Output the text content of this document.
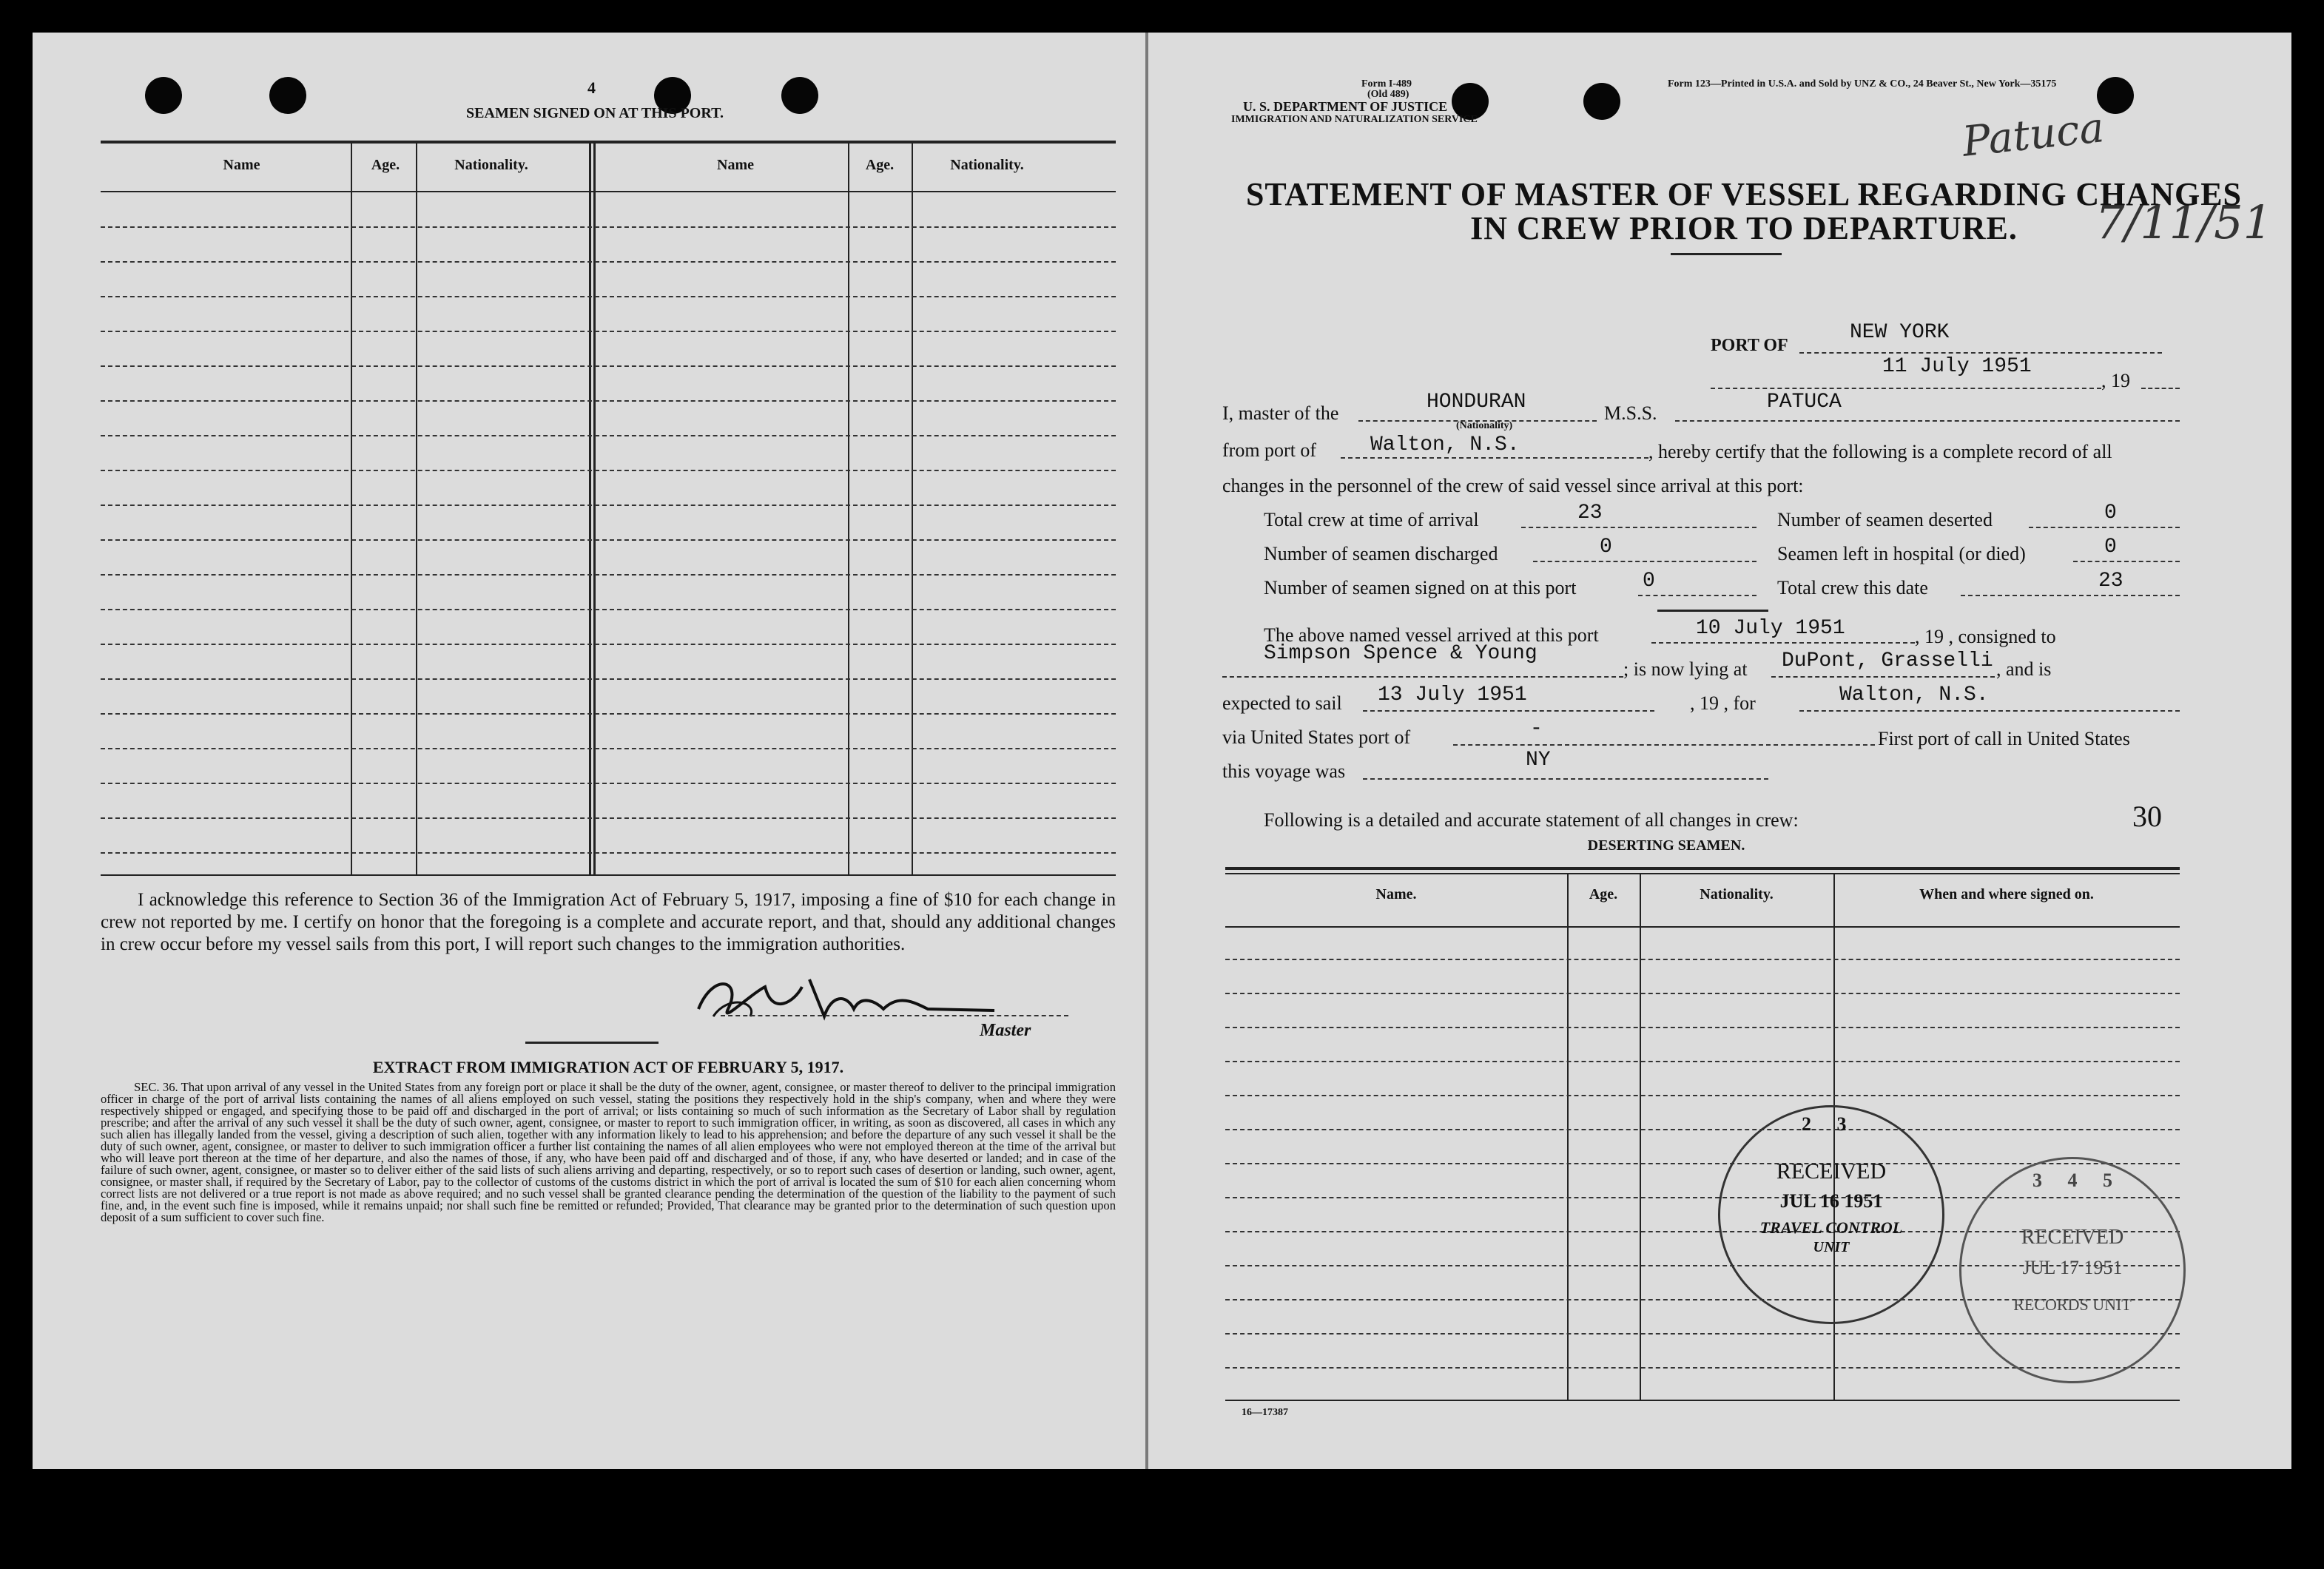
4
SEAMEN SIGNED ON AT THIS PORT.
Name	Age.	Nationality.	Name	Age.	Nationality.
I acknowledge this reference to Section 36 of the Immigration Act of February 5, 1917, imposing a fine of $10 for each change in crew not reported by me. I certify on honor that the foregoing is a complete and accurate report, and that, should any additional changes in crew occur before my vessel sails from this port, I will report such changes to the immigration authorities.
Master
EXTRACT FROM IMMIGRATION ACT OF FEBRUARY 5, 1917.
SEC. 36. That upon arrival of any vessel in the United States from any foreign port or place it shall be the duty of the owner, agent, consignee, or master thereof to deliver to the principal immigration officer in charge of the port of arrival lists containing the names of all aliens employed on such vessel, stating the positions they respectively hold in the ship's company, when and where they were respectively shipped or engaged, and specifying those to be paid off and discharged in the port of arrival; or lists containing so much of such information as the Secretary of Labor shall by regulation prescribe; and after the arrival of any such vessel it shall be the duty of such owner, agent, consignee, or master to report to such immigration officer, in writing, as soon as discovered, all cases in which any such alien has illegally landed from the vessel, giving a description of such alien, together with any information likely to lead to his apprehension; and before the departure of any such vessel it shall be the duty of such owner, agent, consignee, or master to deliver to such immigration officer a further list containing the names of all alien employees who were not employed thereon at the time of the arrival but who will leave port thereon at the time of her departure, and also the names of those, if any, who have been paid off and discharged and of those, if any, who have deserted or landed; and in case of the failure of such owner, agent, consignee, or master so to deliver either of the said lists of such aliens arriving and departing, respectively, or so to report such cases of desertion or landing, such owner, agent, consignee, or master shall, if required by the Secretary of Labor, pay to the collector of customs of the customs district in which the port of arrival is located the sum of $10 for each alien concerning whom correct lists are not delivered or a true report is not made as above required; and no such vessel shall be granted clearance pending the determination of the question of the liability to the payment of such fine, and, in the event such fine is imposed, while it remains unpaid; nor shall such fine be remitted or refunded; Provided, That clearance may be granted prior to the determination of such question upon deposit of a sum sufficient to cover such fine.
Form I-489
(Old 489)
U. S. DEPARTMENT OF JUSTICE
IMMIGRATION AND NATURALIZATION SERVICE
Form 123—Printed in U.S.A. and Sold by UNZ & CO., 24 Beaver St., New York—35175
Patuca
7/11/51
STATEMENT OF MASTER OF VESSEL REGARDING CHANGES
IN CREW PRIOR TO DEPARTURE.
PORT OF
NEW YORK
11 July 1951
, 19
I, master of the	HONDURAN
(Nationality)
M.S.S.	PATUCA
from port of	Walton, N.S.	, hereby certify that the following is a complete record of all
changes in the personnel of the crew of said vessel since arrival at this port:
Total crew at time of arrival	23	Number of seamen deserted	0
Number of seamen discharged	0	Seamen left in hospital (or died)	0
Number of seamen signed on at this port	0	Total crew this date	23
The above named vessel arrived at this port	10 July 1951	, 19 , consigned to
Simpson Spence & Young
; is now lying at DuPont, Grasselli , and is
expected to sail 13 July 1951	, 19 , for	Walton, N.S.
via United States port of	-	First port of call in United States
this voyage was	NY
Following is a detailed and accurate statement of all changes in crew:	30
DESERTING SEAMEN.
Name.	Age.	Nationality.	When and where signed on.
16—17387
2 3
RECEIVED
JUL 16 1951
TRAVEL CONTROL
UNIT
3 4 5
RECEIVED
JUL 17 1951
RECORDS UNIT
